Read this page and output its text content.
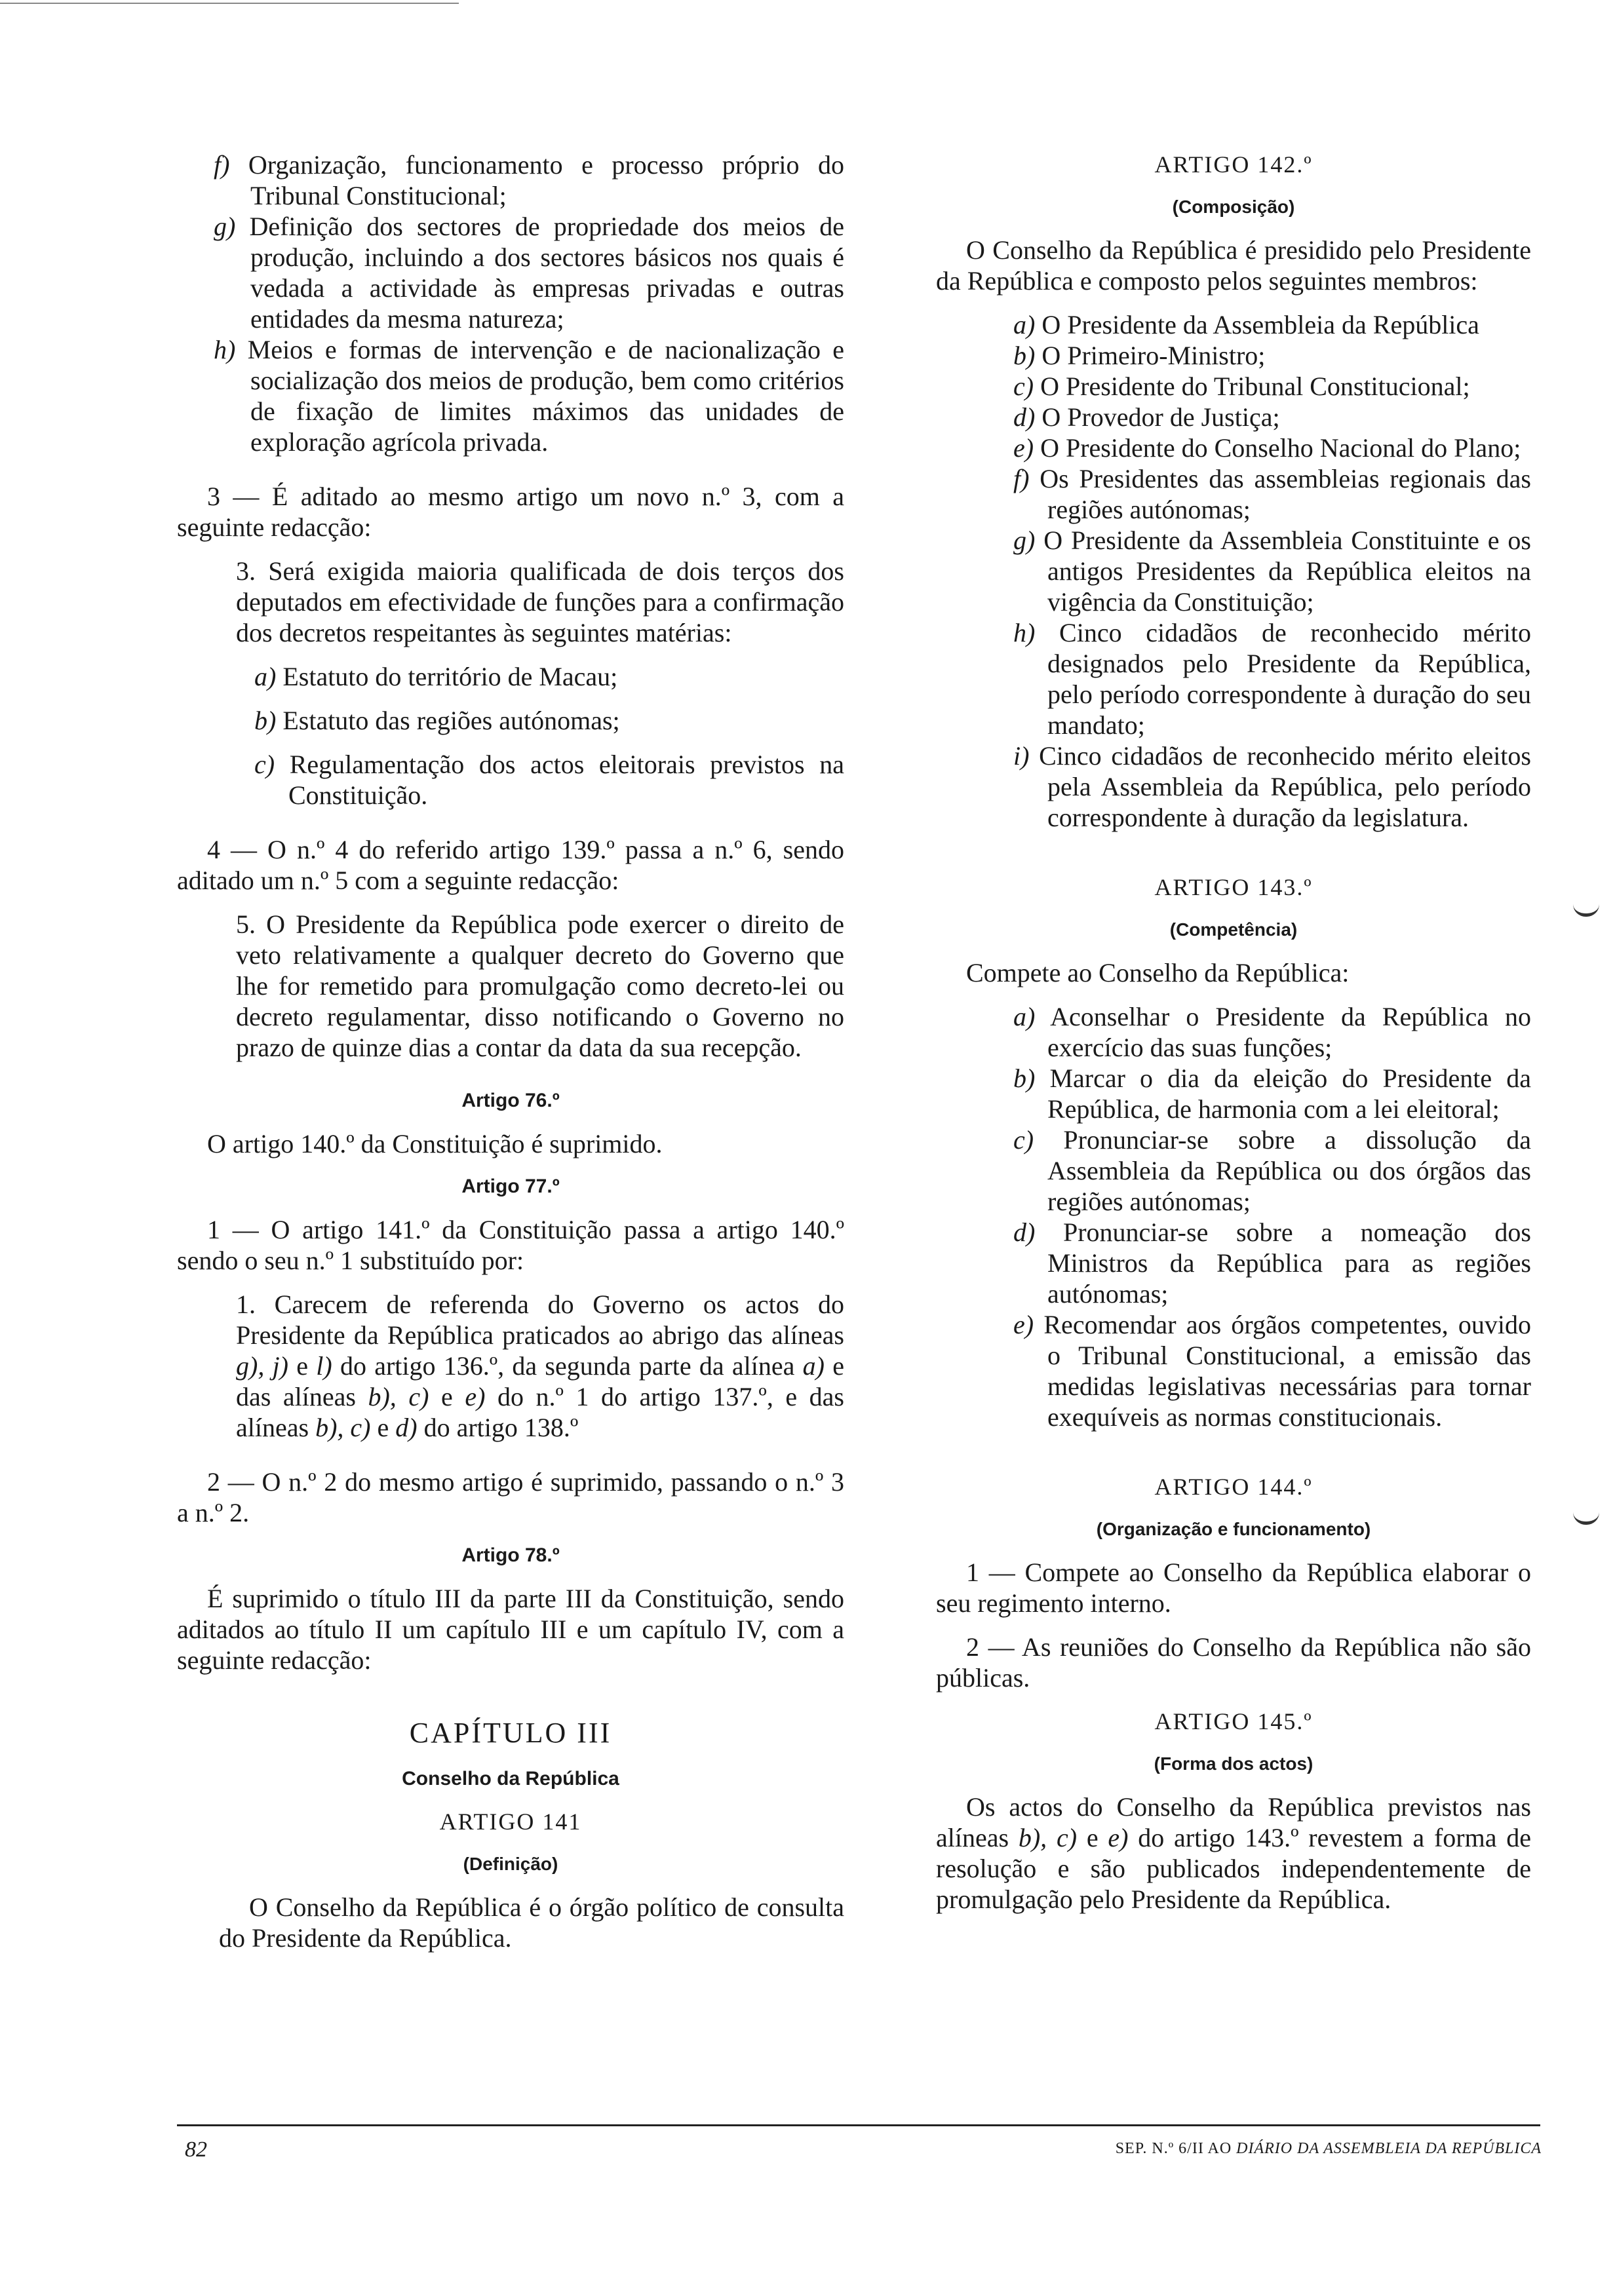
f) Organização, funcionamento e processo próprio do Tribunal Constitucional;
g) Definição dos sectores de propriedade dos meios de produção, incluindo a dos sectores básicos nos quais é vedada a actividade às empresas privadas e outras entidades da mesma natureza;
h) Meios e formas de intervenção e de nacionalização e socialização dos meios de produção, bem como critérios de fixação de limites máximos das unidades de exploração agrícola privada.

3 — É aditado ao mesmo artigo um novo n.º 3, com a seguinte redacção:

3. Será exigida maioria qualificada de dois terços dos deputados em efectividade de funções para a confirmação dos decretos respeitantes às seguintes matérias:

a) Estatuto do território de Macau;
b) Estatuto das regiões autónomas;
c) Regulamentação dos actos eleitorais previstos na Constituição.

4 — O n.º 4 do referido artigo 139.º passa a n.º 6, sendo aditado um n.º 5 com a seguinte redacção:

5. O Presidente da República pode exercer o direito de veto relativamente a qualquer decreto do Governo que lhe for remetido para promulgação como decreto-lei ou decreto regulamentar, disso notificando o Governo no prazo de quinze dias a contar da data da sua recepção.

Artigo 76.º

O artigo 140.º da Constituição é suprimido.

Artigo 77.º

1 — O artigo 141.º da Constituição passa a artigo 140.º sendo o seu n.º 1 substituído por:

1. Carecem de referenda do Governo os actos do Presidente da República praticados ao abrigo das alíneas g), j) e l) do artigo 136.º, da segunda parte da alínea a) e das alíneas b), c) e e) do n.º 1 do artigo 137.º, e das alíneas b), c) e d) do artigo 138.º

2 — O n.º 2 do mesmo artigo é suprimido, passando o n.º 3 a n.º 2.

Artigo 78.º

É suprimido o título III da parte III da Constituição, sendo aditados ao título II um capítulo III e um capítulo IV, com a seguinte redacção:

CAPÍTULO III
Conselho da República
ARTIGO 141
(Definição)

O Conselho da República é o órgão político de consulta do Presidente da República.

ARTIGO 142.º
(Composição)

O Conselho da República é presidido pelo Presidente da República e composto pelos seguintes membros:

a) O Presidente da Assembleia da República
b) O Primeiro-Ministro;
c) O Presidente do Tribunal Constitucional;
d) O Provedor de Justiça;
e) O Presidente do Conselho Nacional do Plano;
f) Os Presidentes das assembleias regionais das regiões autónomas;
g) O Presidente da Assembleia Constituinte e os antigos Presidentes da República eleitos na vigência da Constituição;
h) Cinco cidadãos de reconhecido mérito designados pelo Presidente da República, pelo período correspondente à duração do seu mandato;
i) Cinco cidadãos de reconhecido mérito eleitos pela Assembleia da República, pelo período correspondente à duração da legislatura.
ARTIGO 143.º
(Competência)

Compete ao Conselho da República:

a) Aconselhar o Presidente da República no exercício das suas funções;
b) Marcar o dia da eleição do Presidente da República, de harmonia com a lei eleitoral;
c) Pronunciar-se sobre a dissolução da Assembleia da República ou dos órgãos das regiões autónomas;
d) Pronunciar-se sobre a nomeação dos Ministros da República para as regiões autónomas;
e) Recomendar aos órgãos competentes, ouvido o Tribunal Constitucional, a emissão das medidas legislativas necessárias para tornar exequíveis as normas constitucionais.
ARTIGO 144.º
(Organização e funcionamento)

1 — Compete ao Conselho da República elaborar o seu regimento interno.

2 — As reuniões do Conselho da República não são públicas.

ARTIGO 145.º
(Forma dos actos)

Os actos do Conselho da República previstos nas alíneas b), c) e e) do artigo 143.º revestem a forma de resolução e são publicados independentemente de promulgação pelo Presidente da República.

82	SEP. N.º 6/II AO DIÁRIO DA ASSEMBLEIA DA REPÚBLICA
